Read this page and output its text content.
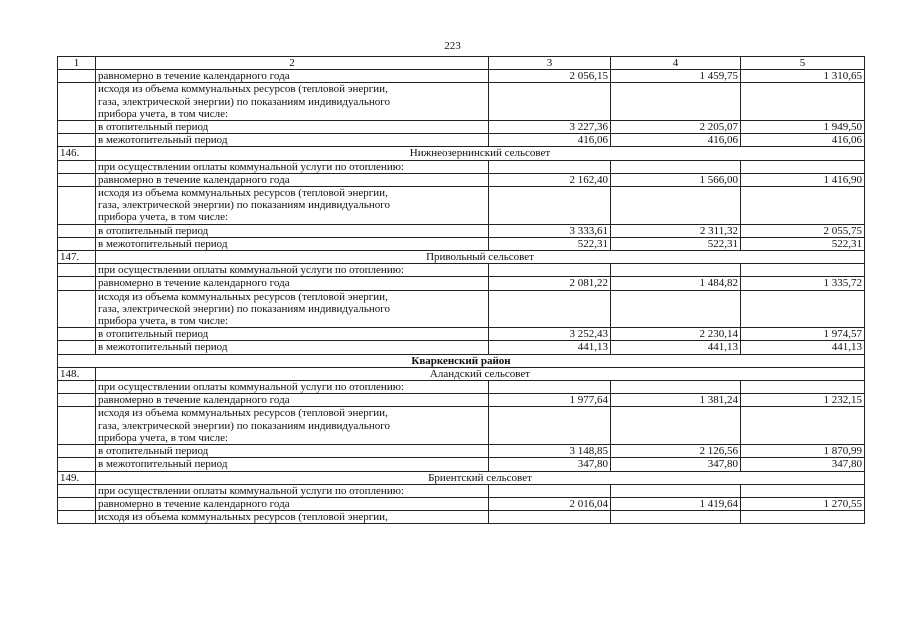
223
1	2	3	4	5
	равномерно в течение календарного года	2 056,15	1 459,75	1 310,65

	исходя из объема коммунальных ресурсов (тепловой энергии,
газа, электрической энергии) по показаниям индивидуального
прибора учета, в том числе:			

	в отопительный период	3 227,36	2 205,07	1 949,50
	в межотопительный период	416,06	416,06	416,06
146.	Нижнеозернинский сельсовет			
	при осуществлении оплаты коммунальной услуги по отоплению:			
	равномерно в течение календарного года	2 162,40	1 566,00	1 416,90

	исходя из объема коммунальных ресурсов (тепловой энергии,
газа, электрической энергии) по показаниям индивидуального
прибора учета, в том числе:			

	в отопительный период	3 333,61	2 311,32	2 055,75
	в межотопительный период	522,31	522,31	522,31
147.	Привольный сельсовет			
	при осуществлении оплаты коммунальной услуги по отоплению:			
	равномерно в течение календарного года	2 081,22	1 484,82	1 335,72

	исходя из объема коммунальных ресурсов (тепловой энергии,
газа, электрической энергии) по показаниям индивидуального
прибора учета, в том числе:			

	в отопительный период	3 252,43	2 230,14	1 974,57
	в межотопительный период	441,13	441,13	441,13
Кваркенский район				
148.	Аландский сельсовет			
	при осуществлении оплаты коммунальной услуги по отоплению:			
	равномерно в течение календарного года	1 977,64	1 381,24	1 232,15

	исходя из объема коммунальных ресурсов (тепловой энергии,
газа, электрической энергии) по показаниям индивидуального
прибора учета, в том числе:			

	в отопительный период	3 148,85	2 126,56	1 870,99
	в межотопительный период	347,80	347,80	347,80
149.	Бриентский сельсовет			
	при осуществлении оплаты коммунальной услуги по отоплению:			
	равномерно в течение календарного года	2 016,04	1 419,64	1 270,55
	исходя из объема коммунальных ресурсов (тепловой энергии,			
